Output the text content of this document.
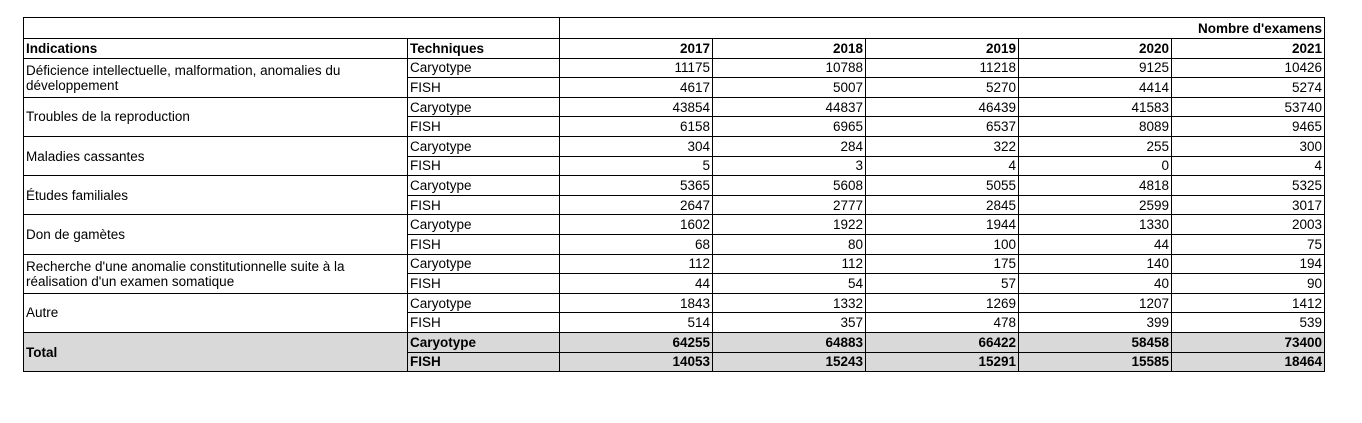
		Nombre d'examens				
Indications	Techniques	2017	2018	2019	2020	2021
Déficience intellectuelle, malformation, anomalies du développement	Caryotype	11175	10788	11218	9125	10426
	FISH	4617	5007	5270	4414	5274
Troubles de la reproduction	Caryotype	43854	44837	46439	41583	53740
	FISH	6158	6965	6537	8089	9465
Maladies cassantes	Caryotype	304	284	322	255	300
	FISH	5	3	4	0	4
Études familiales	Caryotype	5365	5608	5055	4818	5325
	FISH	2647	2777	2845	2599	3017
Don de gamètes	Caryotype	1602	1922	1944	1330	2003
	FISH	68	80	100	44	75
Recherche d'une anomalie constitutionnelle suite à la réalisation d'un examen somatique	Caryotype	112	112	175	140	194
	FISH	44	54	57	40	90
Autre	Caryotype	1843	1332	1269	1207	1412
	FISH	514	357	478	399	539
Total	Caryotype	64255	64883	66422	58458	73400
	FISH	14053	15243	15291	15585	18464
